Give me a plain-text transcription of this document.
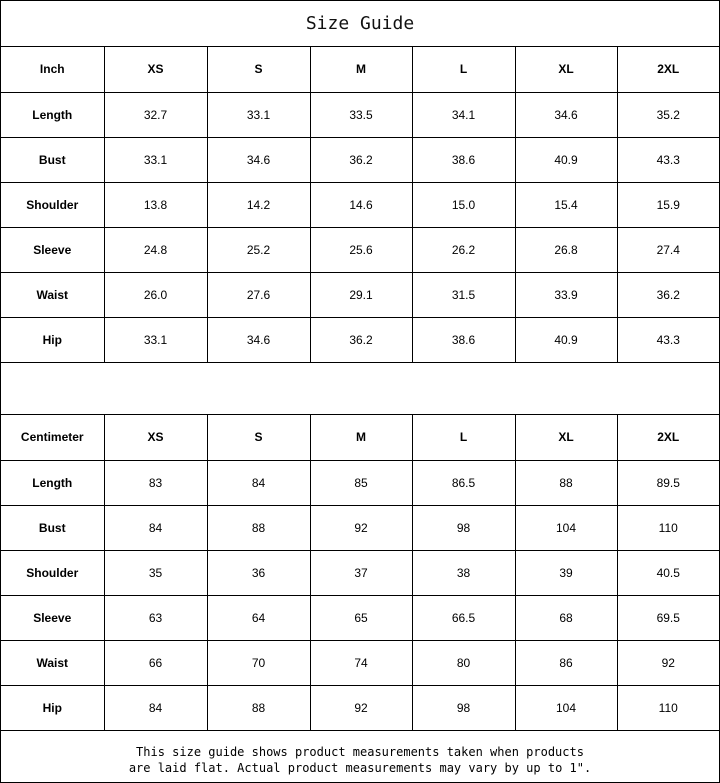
Size Guide
Inch	XS	S	M	L	XL	2XL
Length	32.7	33.1	33.5	34.1	34.6	35.2
Bust	33.1	34.6	36.2	38.6	40.9	43.3
Shoulder	13.8	14.2	14.6	15.0	15.4	15.9
Sleeve	24.8	25.2	25.6	26.2	26.8	27.4
Waist	26.0	27.6	29.1	31.5	33.9	36.2
Hip	33.1	34.6	36.2	38.6	40.9	43.3
Centimeter	XS	S	M	L	XL	2XL
Length	83	84	85	86.5	88	89.5
Bust	84	88	92	98	104	110
Shoulder	35	36	37	38	39	40.5
Sleeve	63	64	65	66.5	68	69.5
Waist	66	70	74	80	86	92
Hip	84	88	92	98	104	110
This size guide shows product measurements taken when products
are laid flat. Actual product measurements may vary by up to 1".
